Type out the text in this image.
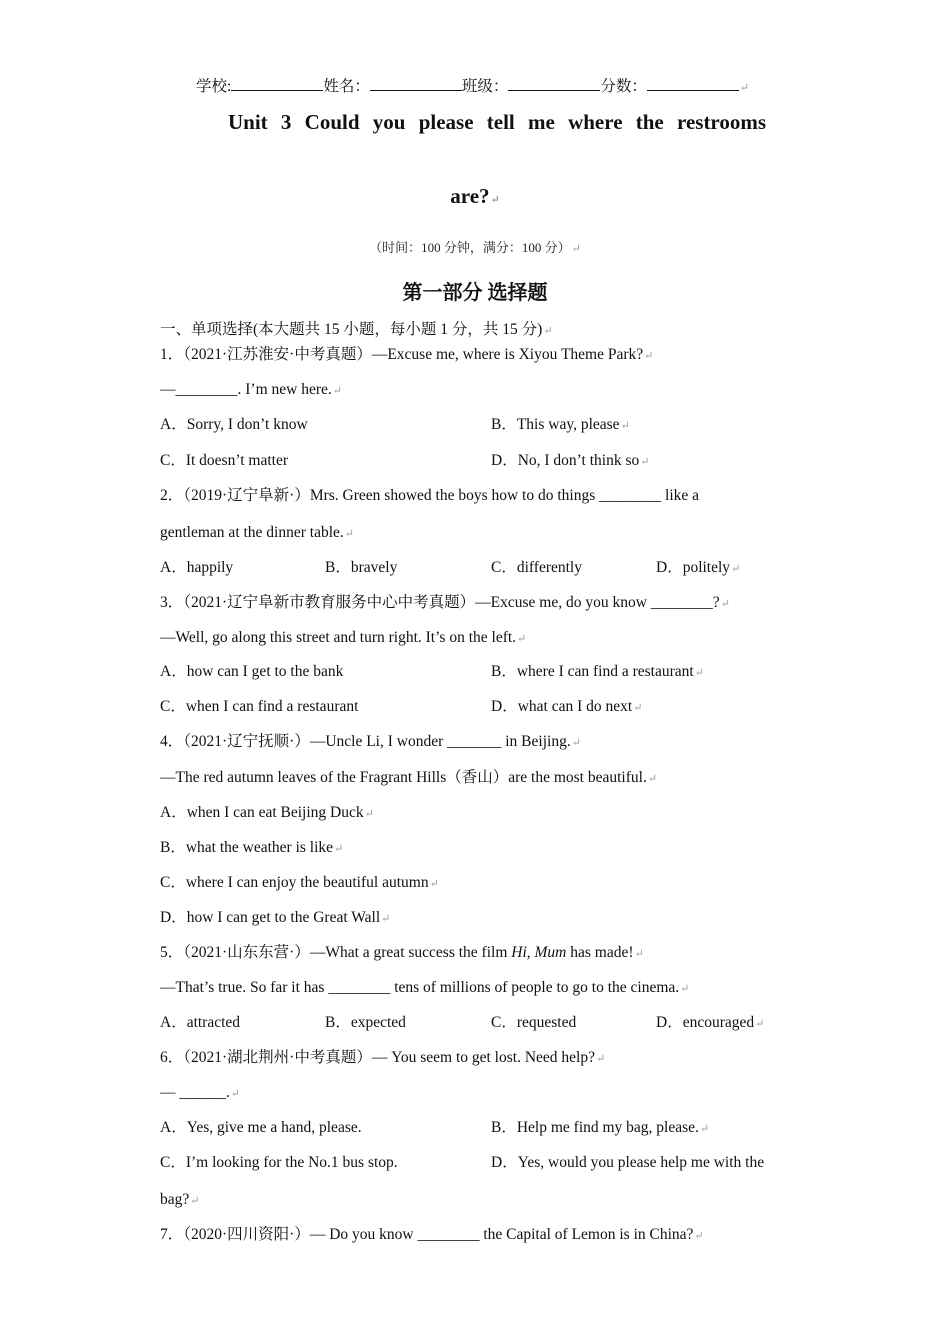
学校:	姓名：	班级：	分数：	↵
Unit 3 Could you please tell me where the restrooms
are?↵
（时间：100 分钟，满分：100 分）↵
第一部分 选择题
一、单项选择(本大题共 15 小题，每小题 1 分，共 15 分)↵
1．（2021·江苏淮安·中考真题）—Excuse me, where is Xiyou Theme Park?↵
—________. I’m new here.↵
A．Sorry, I don’t know	B．This way, please↵
C．It doesn’t matter	D．No, I don’t think so↵
2．（2019·辽宁阜新·）Mrs. Green showed the boys how to do things ________ like a
gentleman at the dinner table.↵
A．happily	B．bravely	C．differently	D．politely↵
3．（2021·辽宁阜新市教育服务中心中考真题）—Excuse me, do you know ________?↵
—Well, go along this street and turn right. It’s on the left.↵
A．how can I get to the bank	B．where I can find a restaurant↵
C．when I can find a restaurant	D．what can I do next↵
4．（2021·辽宁抚顺·）—Uncle Li, I wonder _______ in Beijing.↵
—The red autumn leaves of the Fragrant Hills（香山）are the most beautiful.↵
A．when I can eat Beijing Duck↵
B．what the weather is like↵
C．where I can enjoy the beautiful autumn↵
D．how I can get to the Great Wall↵
5．（2021·山东东营·）—What a great success the film Hi, Mum has made!↵
—That’s true. So far it has ________ tens of millions of people to go to the cinema.↵
A．attracted	B．expected	C．requested	D．encouraged↵
6．（2021·湖北荆州·中考真题）— You seem to get lost. Need help?↵
— ______.↵
A．Yes, give me a hand, please.	B．Help me find my bag, please.↵
C．I’m looking for the No.1 bus stop.	D．Yes, would you please help me with the
bag?↵
7．（2020·四川资阳·）— Do you know ________ the Capital of Lemon is in China?↵
